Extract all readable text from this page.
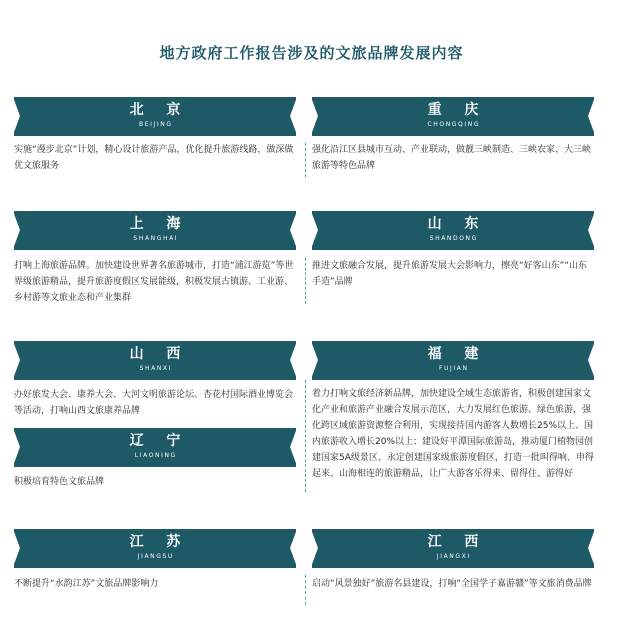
地方政府工作报告涉及的文旅品牌发展内容
北 京
BEIJING
实施“漫步北京”计划，精心设计旅游产品，优化提升旅游线路，做深做优文旅服务
重 庆
CHONGQING
强化沿江区县城市互动、产业联动，做靓三峡制造、三峡农家、大三峡旅游等特色品牌
上 海
SHANGHAI
打响上海旅游品牌。加快建设世界著名旅游城市，打造“浦江游览”等世界级旅游精品，提升旅游度假区发展能级，积极发展古镇游、工业游、乡村游等文旅业态和产业集群
山 东
SHANDONG
推进文旅融合发展，提升旅游发展大会影响力，擦亮“好客山东”“山东手造”品牌
山 西
SHANXI
办好旅发大会、康养大会、大河文明旅游论坛、杏花村国际酒业博览会等活动，打响山西文旅康养品牌
福 建
FUJIAN
着力打响文旅经济新品牌，加快建设全域生态旅游省，积极创建国家文化产业和旅游产业融合发展示范区，大力发展红色旅游、绿色旅游，强化跨区域旅游资源整合利用，实现接待国内游客人数增长25%以上、国内旅游收入增长20%以上；建设好平潭国际旅游岛，推动厦门植物园创建国家5A级景区、永定创建国家级旅游度假区，打造一批叫得响、申得起来、山海相连的旅游精品，让广大游客乐得来、留得住、游得好
辽 宁
LIAONING
积极培育特色文旅品牌
江 苏
JIANGSU
不断提升“水韵江苏”文旅品牌影响力
江 西
JIANGXI
启动“风景独好”旅游名县建设，打响“全国学子嘉游赣”等文旅消费品牌
